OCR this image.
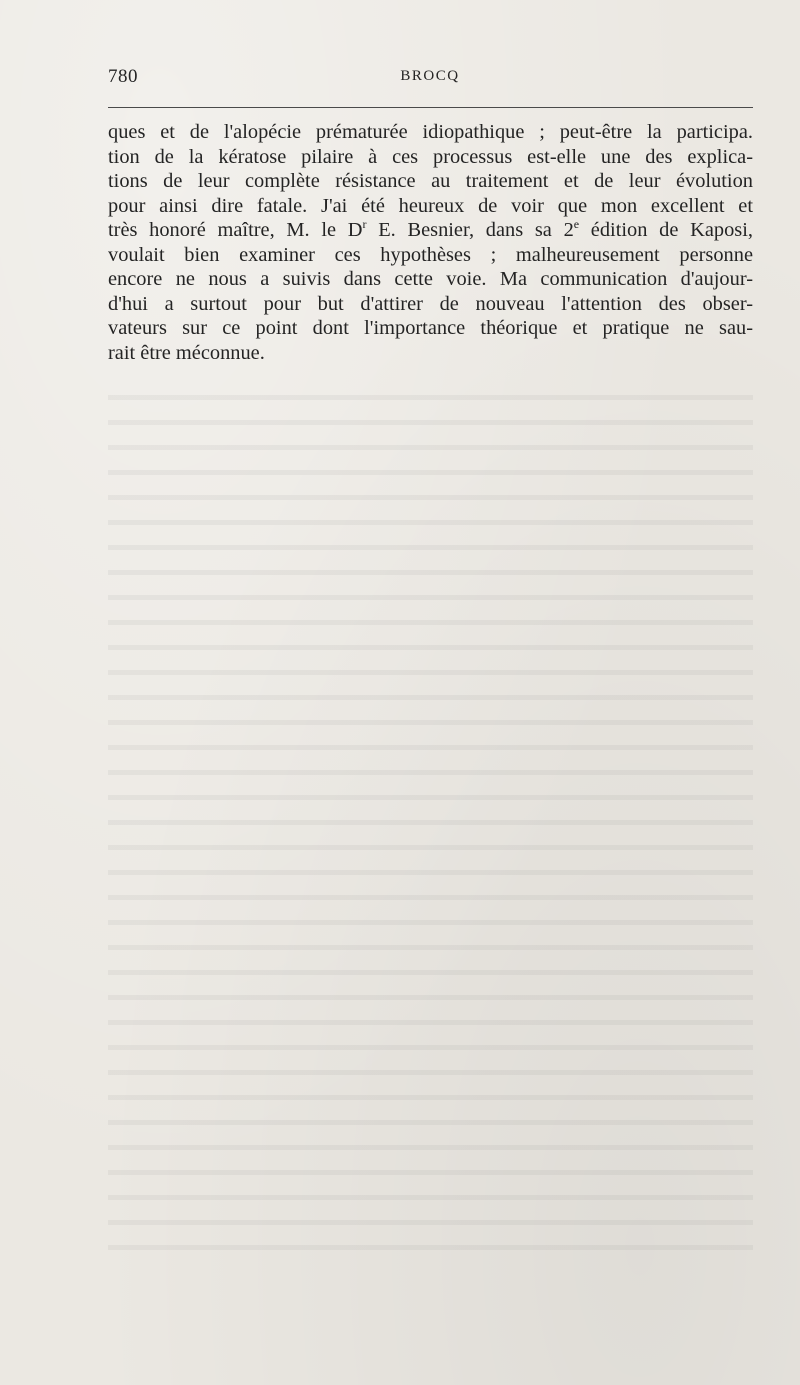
780	BROCQ
ques et de l'alopécie prématurée idiopathique ; peut-être la participa.
tion de la kératose pilaire à ces processus est-elle une des explica-
tions de leur complète résistance au traitement et de leur évolution
pour ainsi dire fatale. J'ai été heureux de voir que mon excellent et
très honoré maître, M. le $D^r$ E. Besnier, dans sa 2e édition de Kaposi,
voulait bien examiner ces hypothèses ; malheureusement personne
encore ne nous a suivis dans cette voie. Ma communication d'aujour-
d'hui a surtout pour but d'attirer de nouveau l'attention des obser-
vateurs sur ce point dont l'importance théorique et pratique ne sau-
rait être méconnue.
